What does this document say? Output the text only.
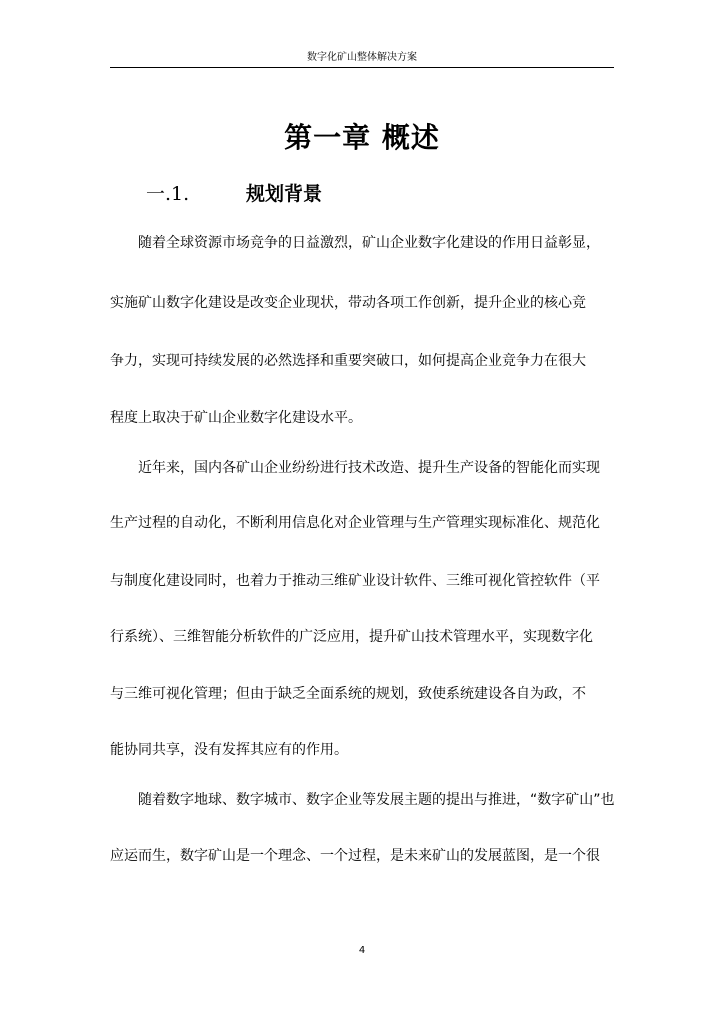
数字化矿山整体解决方案
第一章 概述
一.1.	规划背景
随着全球资源市场竞争的日益激烈，矿山企业数字化建设的作用日益彰显，
实施矿山数字化建设是改变企业现状，带动各项工作创新，提升企业的核心竞
争力，实现可持续发展的必然选择和重要突破口，如何提高企业竞争力在很大
程度上取决于矿山企业数字化建设水平。
近年来，国内各矿山企业纷纷进行技术改造、提升生产设备的智能化而实现
生产过程的自动化，不断利用信息化对企业管理与生产管理实现标准化、规范化
与制度化建设同时，也着力于推动三维矿业设计软件、三维可视化管控软件（平
行系统）、三维智能分析软件的广泛应用，提升矿山技术管理水平，实现数字化
与三维可视化管理；但由于缺乏全面系统的规划，致使系统建设各自为政，不
能协同共享，没有发挥其应有的作用。
随着数字地球、数字城市、数字企业等发展主题的提出与推进，“数字矿山”也
应运而生，数字矿山是一个理念、一个过程，是未来矿山的发展蓝图，是一个很
4
